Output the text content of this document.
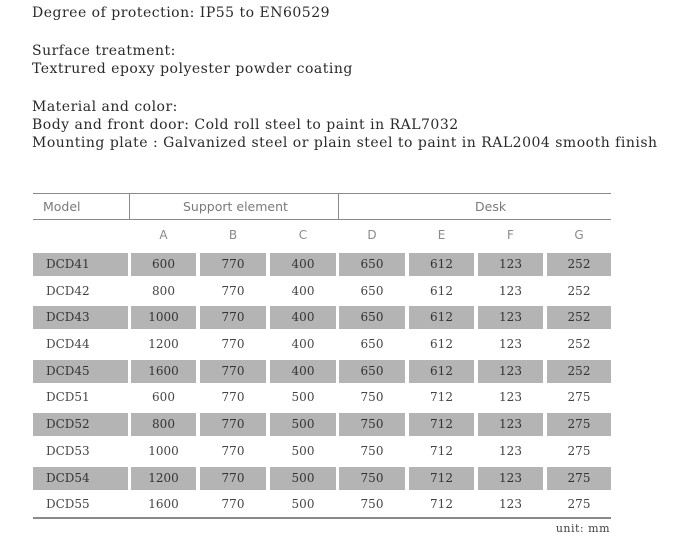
Degree of protection: IP55 to EN60529
Surface treatment:
Textrured epoxy polyester powder coating
Material and color:
Body and front door: Cold roll steel to paint in RAL7032
Mounting plate : Galvanized steel or plain steel to paint in RAL2004 smooth finish
Model	Support element	Desk
A	B	C	D	E	F	G
DCD41	600	770	400	650	612	123	252
DCD42	800	770	400	650	612	123	252
DCD43	1000	770	400	650	612	123	252
DCD44	1200	770	400	650	612	123	252
DCD45	1600	770	400	650	612	123	252
DCD51	600	770	500	750	712	123	275
DCD52	800	770	500	750	712	123	275
DCD53	1000	770	500	750	712	123	275
DCD54	1200	770	500	750	712	123	275
DCD55	1600	770	500	750	712	123	275
unit: mm
